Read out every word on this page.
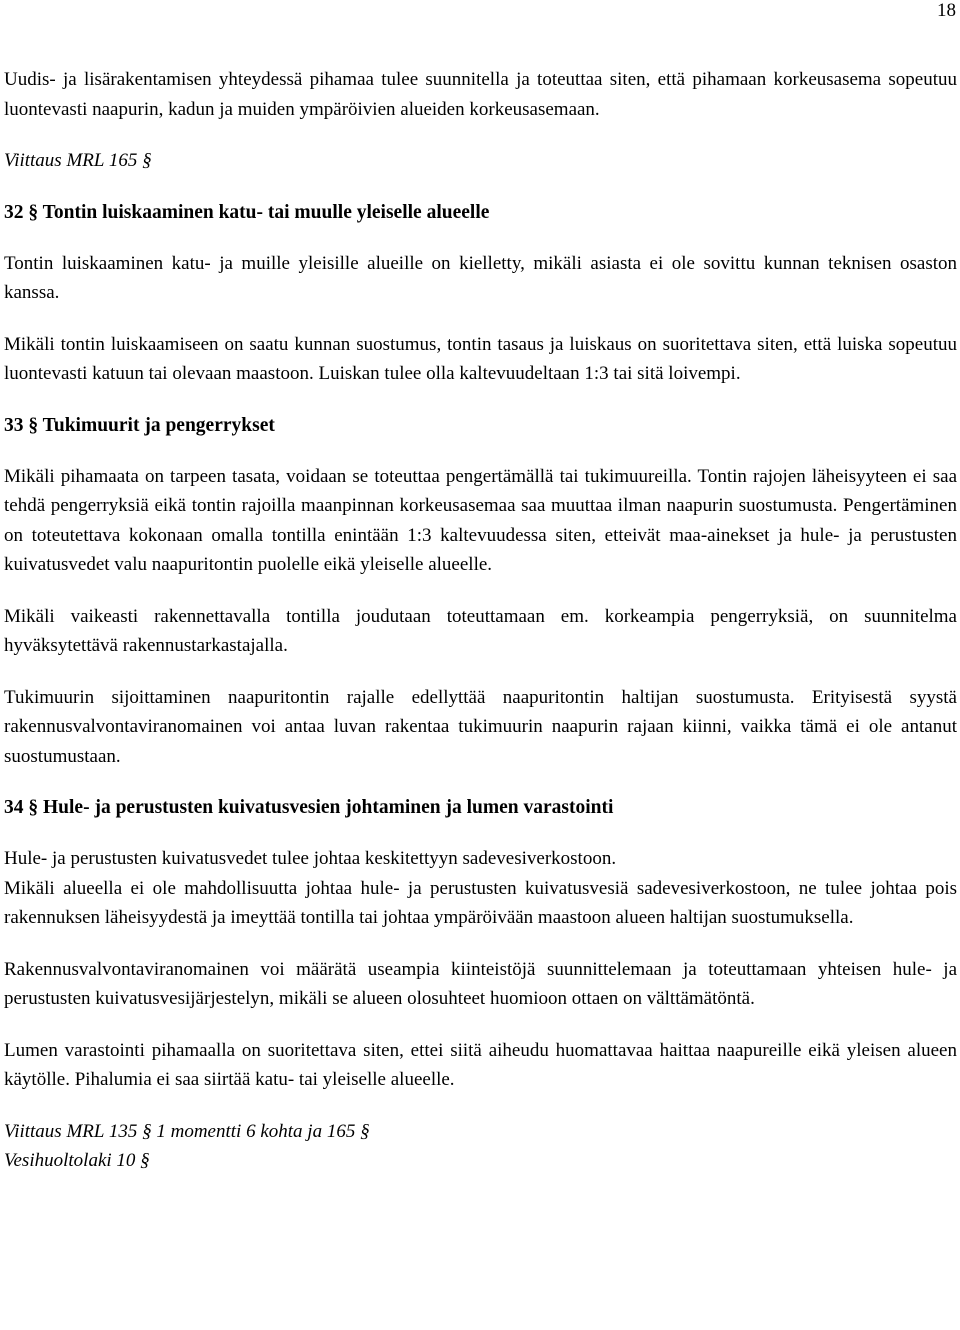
18

Uudis- ja lisärakentamisen yhteydessä pihamaa tulee suunnitella ja toteuttaa siten, että pihamaan korkeusasema sopeutuu luontevasti naapurin, kadun ja muiden ympäröivien alueiden korkeusasemaan.

Viittaus MRL 165 §

32 § Tontin luiskaaminen katu- tai muulle yleiselle alueelle

Tontin luiskaaminen katu- ja muille yleisille alueille on kielletty, mikäli asiasta ei ole sovittu kunnan teknisen osaston kanssa.

Mikäli tontin luiskaamiseen on saatu kunnan suostumus, tontin tasaus ja luiskaus on suoritettava siten, että luiska sopeutuu luontevasti katuun tai olevaan maastoon. Luiskan tulee olla kaltevuudeltaan 1:3 tai sitä loivempi.

33 § Tukimuurit ja pengerrykset

Mikäli pihamaata on tarpeen tasata, voidaan se toteuttaa pengertämällä tai tukimuureilla. Tontin rajojen läheisyyteen ei saa tehdä pengerryksiä eikä tontin rajoilla maanpinnan korkeusasemaa saa muuttaa ilman naapurin suostumusta. Pengertäminen on toteutettava kokonaan omalla tontilla enintään 1:3 kaltevuudessa siten, etteivät maa-ainekset ja hule- ja perustusten kuivatusvedet valu naapuritontin puolelle eikä yleiselle alueelle.

Mikäli vaikeasti rakennettavalla tontilla joudutaan toteuttamaan em. korkeampia pengerryksiä, on suunnitelma hyväksytettävä rakennustarkastajalla.

Tukimuurin sijoittaminen naapuritontin rajalle edellyttää naapuritontin haltijan suostumusta. Erityisestä syystä rakennusvalvontaviranomainen voi antaa luvan rakentaa tukimuurin naapurin rajaan kiinni, vaikka tämä ei ole antanut suostumustaan.

34 § Hule- ja perustusten kuivatusvesien johtaminen ja lumen varastointi

Hule- ja perustusten kuivatusvedet tulee johtaa keskitettyyn sadevesiverkostoon.

Mikäli alueella ei ole mahdollisuutta johtaa hule- ja perustusten kuivatusvesiä sadevesiverkostoon, ne tulee johtaa pois rakennuksen läheisyydestä ja imeyttää tontilla tai johtaa ympäröivään maastoon alueen haltijan suostumuksella.

Rakennusvalvontaviranomainen voi määrätä useampia kiinteistöjä suunnittelemaan ja toteuttamaan yhteisen hule- ja perustusten kuivatusvesijärjestelyn, mikäli se alueen olosuhteet huomioon ottaen on välttämätöntä.

Lumen varastointi pihamaalla on suoritettava siten, ettei siitä aiheudu huomattavaa haittaa naapureille eikä yleisen alueen käytölle. Pihalumia ei saa siirtää katu- tai yleiselle alueelle.

Viittaus MRL 135 § 1 momentti 6 kohta ja 165 §

Vesihuoltolaki 10 §
